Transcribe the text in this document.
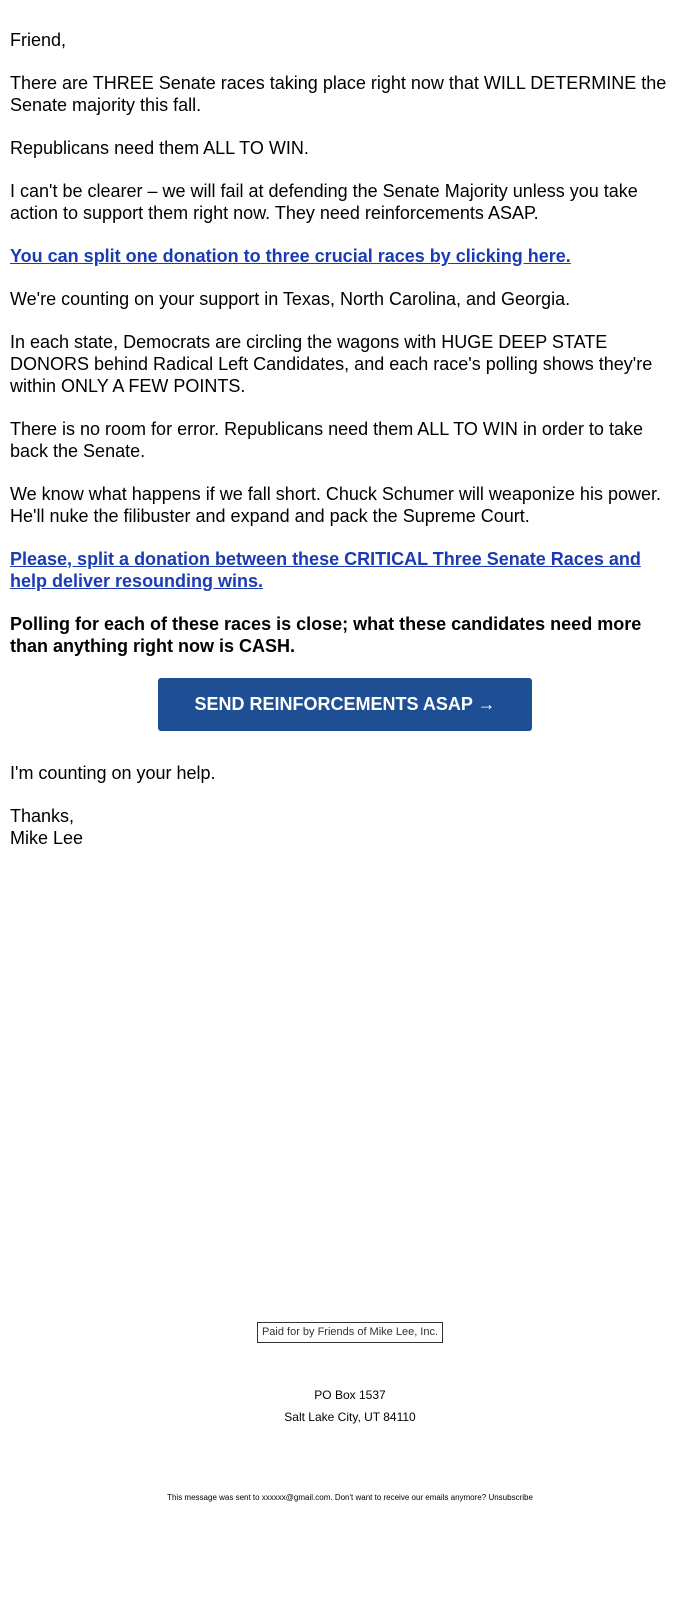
Friend,

There are THREE Senate races taking place right now that WILL DETERMINE the Senate majority this fall.

Republicans need them ALL TO WIN.

I can't be clearer – we will fail at defending the Senate Majority unless you take action to support them right now. They need reinforcements ASAP.

You can split one donation to three crucial races by clicking here.

We're counting on your support in Texas, North Carolina, and Georgia.

In each state, Democrats are circling the wagons with HUGE DEEP STATE DONORS behind Radical Left Candidates, and each race's polling shows they're within ONLY A FEW POINTS.

There is no room for error. Republicans need them ALL TO WIN in order to take back the Senate.

We know what happens if we fall short. Chuck Schumer will weaponize his power. He'll nuke the filibuster and expand and pack the Supreme Court.

Please, split a donation between these CRITICAL Three Senate Races and help deliver resounding wins.

Polling for each of these races is close; what these candidates need more than anything right now is CASH.

SEND REINFORCEMENTS ASAP →

I'm counting on your help.

Thanks,
Mike Lee

Paid for by Friends of Mike Lee, Inc.
PO Box 1537
Salt Lake City, UT 84110
This message was sent to xxxxxx@gmail.com. Don't want to receive our emails anymore? Unsubscribe
